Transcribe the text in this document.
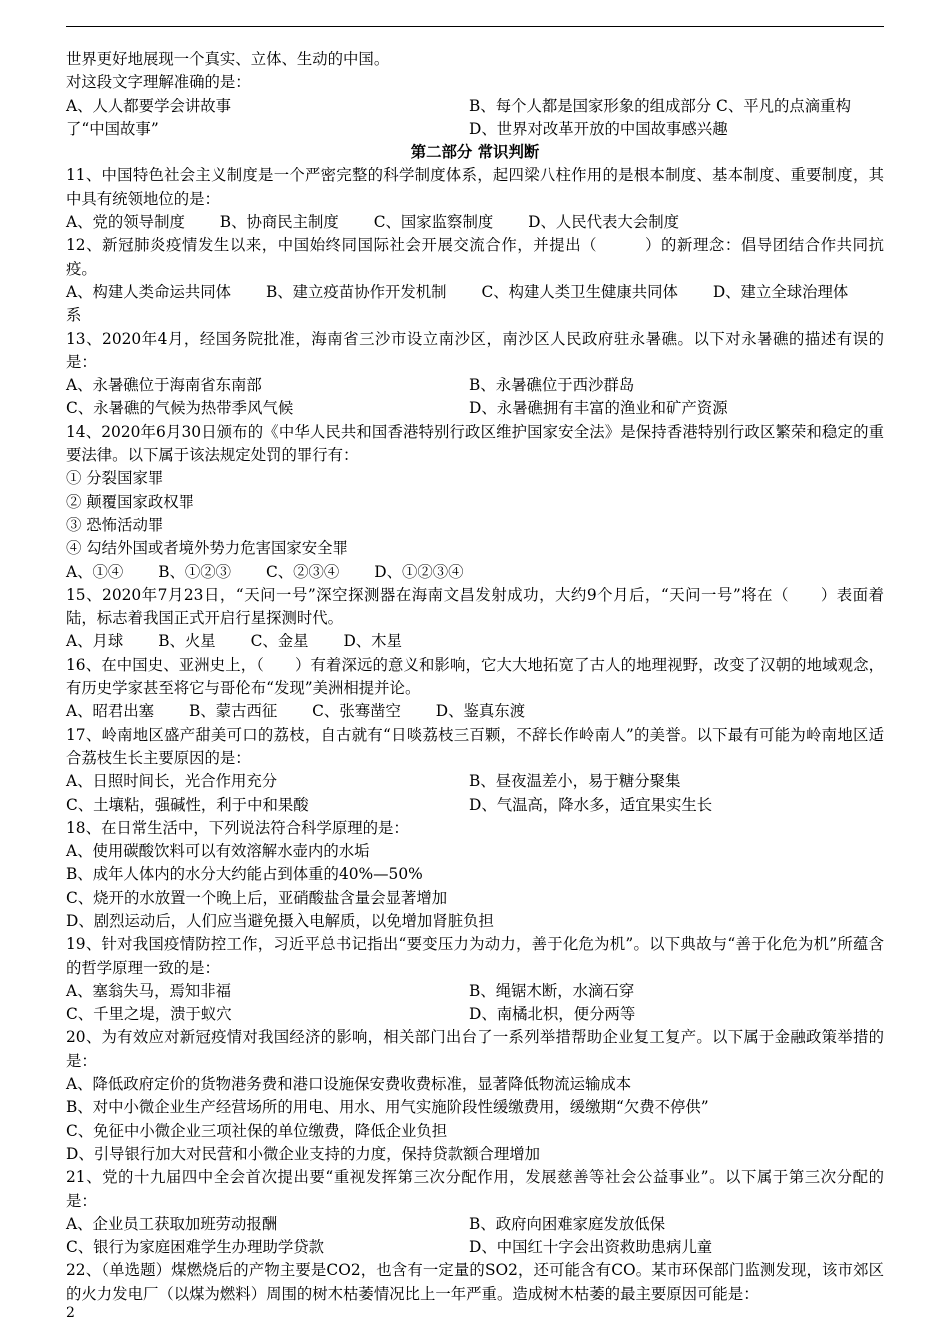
世界更好地展现一个真实、立体、生动的中国。
对这段文字理解准确的是：
A、人人都要学会讲故事	B、每个人都是国家形象的组成部分 C、平凡的点滴重构
了“中国故事”	D、世界对改革开放的中国故事感兴趣
第二部分 常识判断
11、中国特色社会主义制度是一个严密完整的科学制度体系，起四梁八柱作用的是根本制度、基本制度、重要制度，其中具有统领地位的是：
A、党的领导制度 B、协商民主制度 C、国家监察制度 D、人民代表大会制度
12、新冠肺炎疫情发生以来，中国始终同国际社会开展交流合作，并提出（　　　）的新理念：倡导团结合作共同抗疫。
A、构建人类命运共同体 B、建立疫苗协作开发机制 C、构建人类卫生健康共同体 D、建立全球治理体
系
13、2020年4月，经国务院批准，海南省三沙市设立南沙区，南沙区人民政府驻永暑礁。以下对永暑礁的描述有误的是：
A、永暑礁位于海南省东南部	B、永暑礁位于西沙群岛
C、永暑礁的气候为热带季风气候	D、永暑礁拥有丰富的渔业和矿产资源
14、2020年6月30日颁布的《中华人民共和国香港特别行政区维护国家安全法》是保持香港特别行政区繁荣和稳定的重要法律。以下属于该法规定处罚的罪行有：
① 分裂国家罪
② 颠覆国家政权罪
③ 恐怖活动罪
④ 勾结外国或者境外势力危害国家安全罪
A、①④ B、①②③ C、②③④ D、①②③④
15、2020年7月23日，“天问一号”深空探测器在海南文昌发射成功，大约9个月后，“天问一号”将在（　　）表面着陆，标志着我国正式开启行星探测时代。
A、月球 B、火星 C、金星 D、木星
16、在中国史、亚洲史上，（　　）有着深远的意义和影响，它大大地拓宽了古人的地理视野，改变了汉朝的地域观念，有历史学家甚至将它与哥伦布“发现”美洲相提并论。
A、昭君出塞 B、蒙古西征 C、张骞凿空 D、鉴真东渡
17、岭南地区盛产甜美可口的荔枝，自古就有“日啖荔枝三百颗，不辞长作岭南人”的美誉。以下最有可能为岭南地区适合荔枝生长主要原因的是：
A、日照时间长，光合作用充分	B、昼夜温差小，易于糖分聚集
C、土壤粘，强碱性，利于中和果酸	D、气温高，降水多，适宜果实生长
18、在日常生活中，下列说法符合科学原理的是：
A、使用碳酸饮料可以有效溶解水壶内的水垢
B、成年人体内的水分大约能占到体重的40%—50%
C、烧开的水放置一个晚上后，亚硝酸盐含量会显著增加
D、剧烈运动后，人们应当避免摄入电解质，以免增加肾脏负担
19、针对我国疫情防控工作，习近平总书记指出“要变压力为动力，善于化危为机”。以下典故与“善于化危为机”所蕴含的哲学原理一致的是：
A、塞翁失马，焉知非福	B、绳锯木断，水滴石穿
C、千里之堤，溃于蚁穴	D、南橘北枳，便分两等
20、为有效应对新冠疫情对我国经济的影响，相关部门出台了一系列举措帮助企业复工复产。以下属于金融政策举措的是：
A、降低政府定价的货物港务费和港口设施保安费收费标准，显著降低物流运输成本
B、对中小微企业生产经营场所的用电、用水、用气实施阶段性缓缴费用，缓缴期“欠费不停供”
C、免征中小微企业三项社保的单位缴费，降低企业负担
D、引导银行加大对民营和小微企业支持的力度，保持贷款额合理增加
21、党的十九届四中全会首次提出要“重视发挥第三次分配作用，发展慈善等社会公益事业”。以下属于第三次分配的是：
A、企业员工获取加班劳动报酬	B、政府向困难家庭发放低保
C、银行为家庭困难学生办理助学贷款	D、中国红十字会出资救助患病儿童
22、（单选题）煤燃烧后的产物主要是CO2，也含有一定量的SO2，还可能含有CO。某市环保部门监测发现，该市郊区的火力发电厂（以煤为燃料）周围的树木枯萎情况比上一年严重。造成树木枯萎的最主要原因可能是：
2
